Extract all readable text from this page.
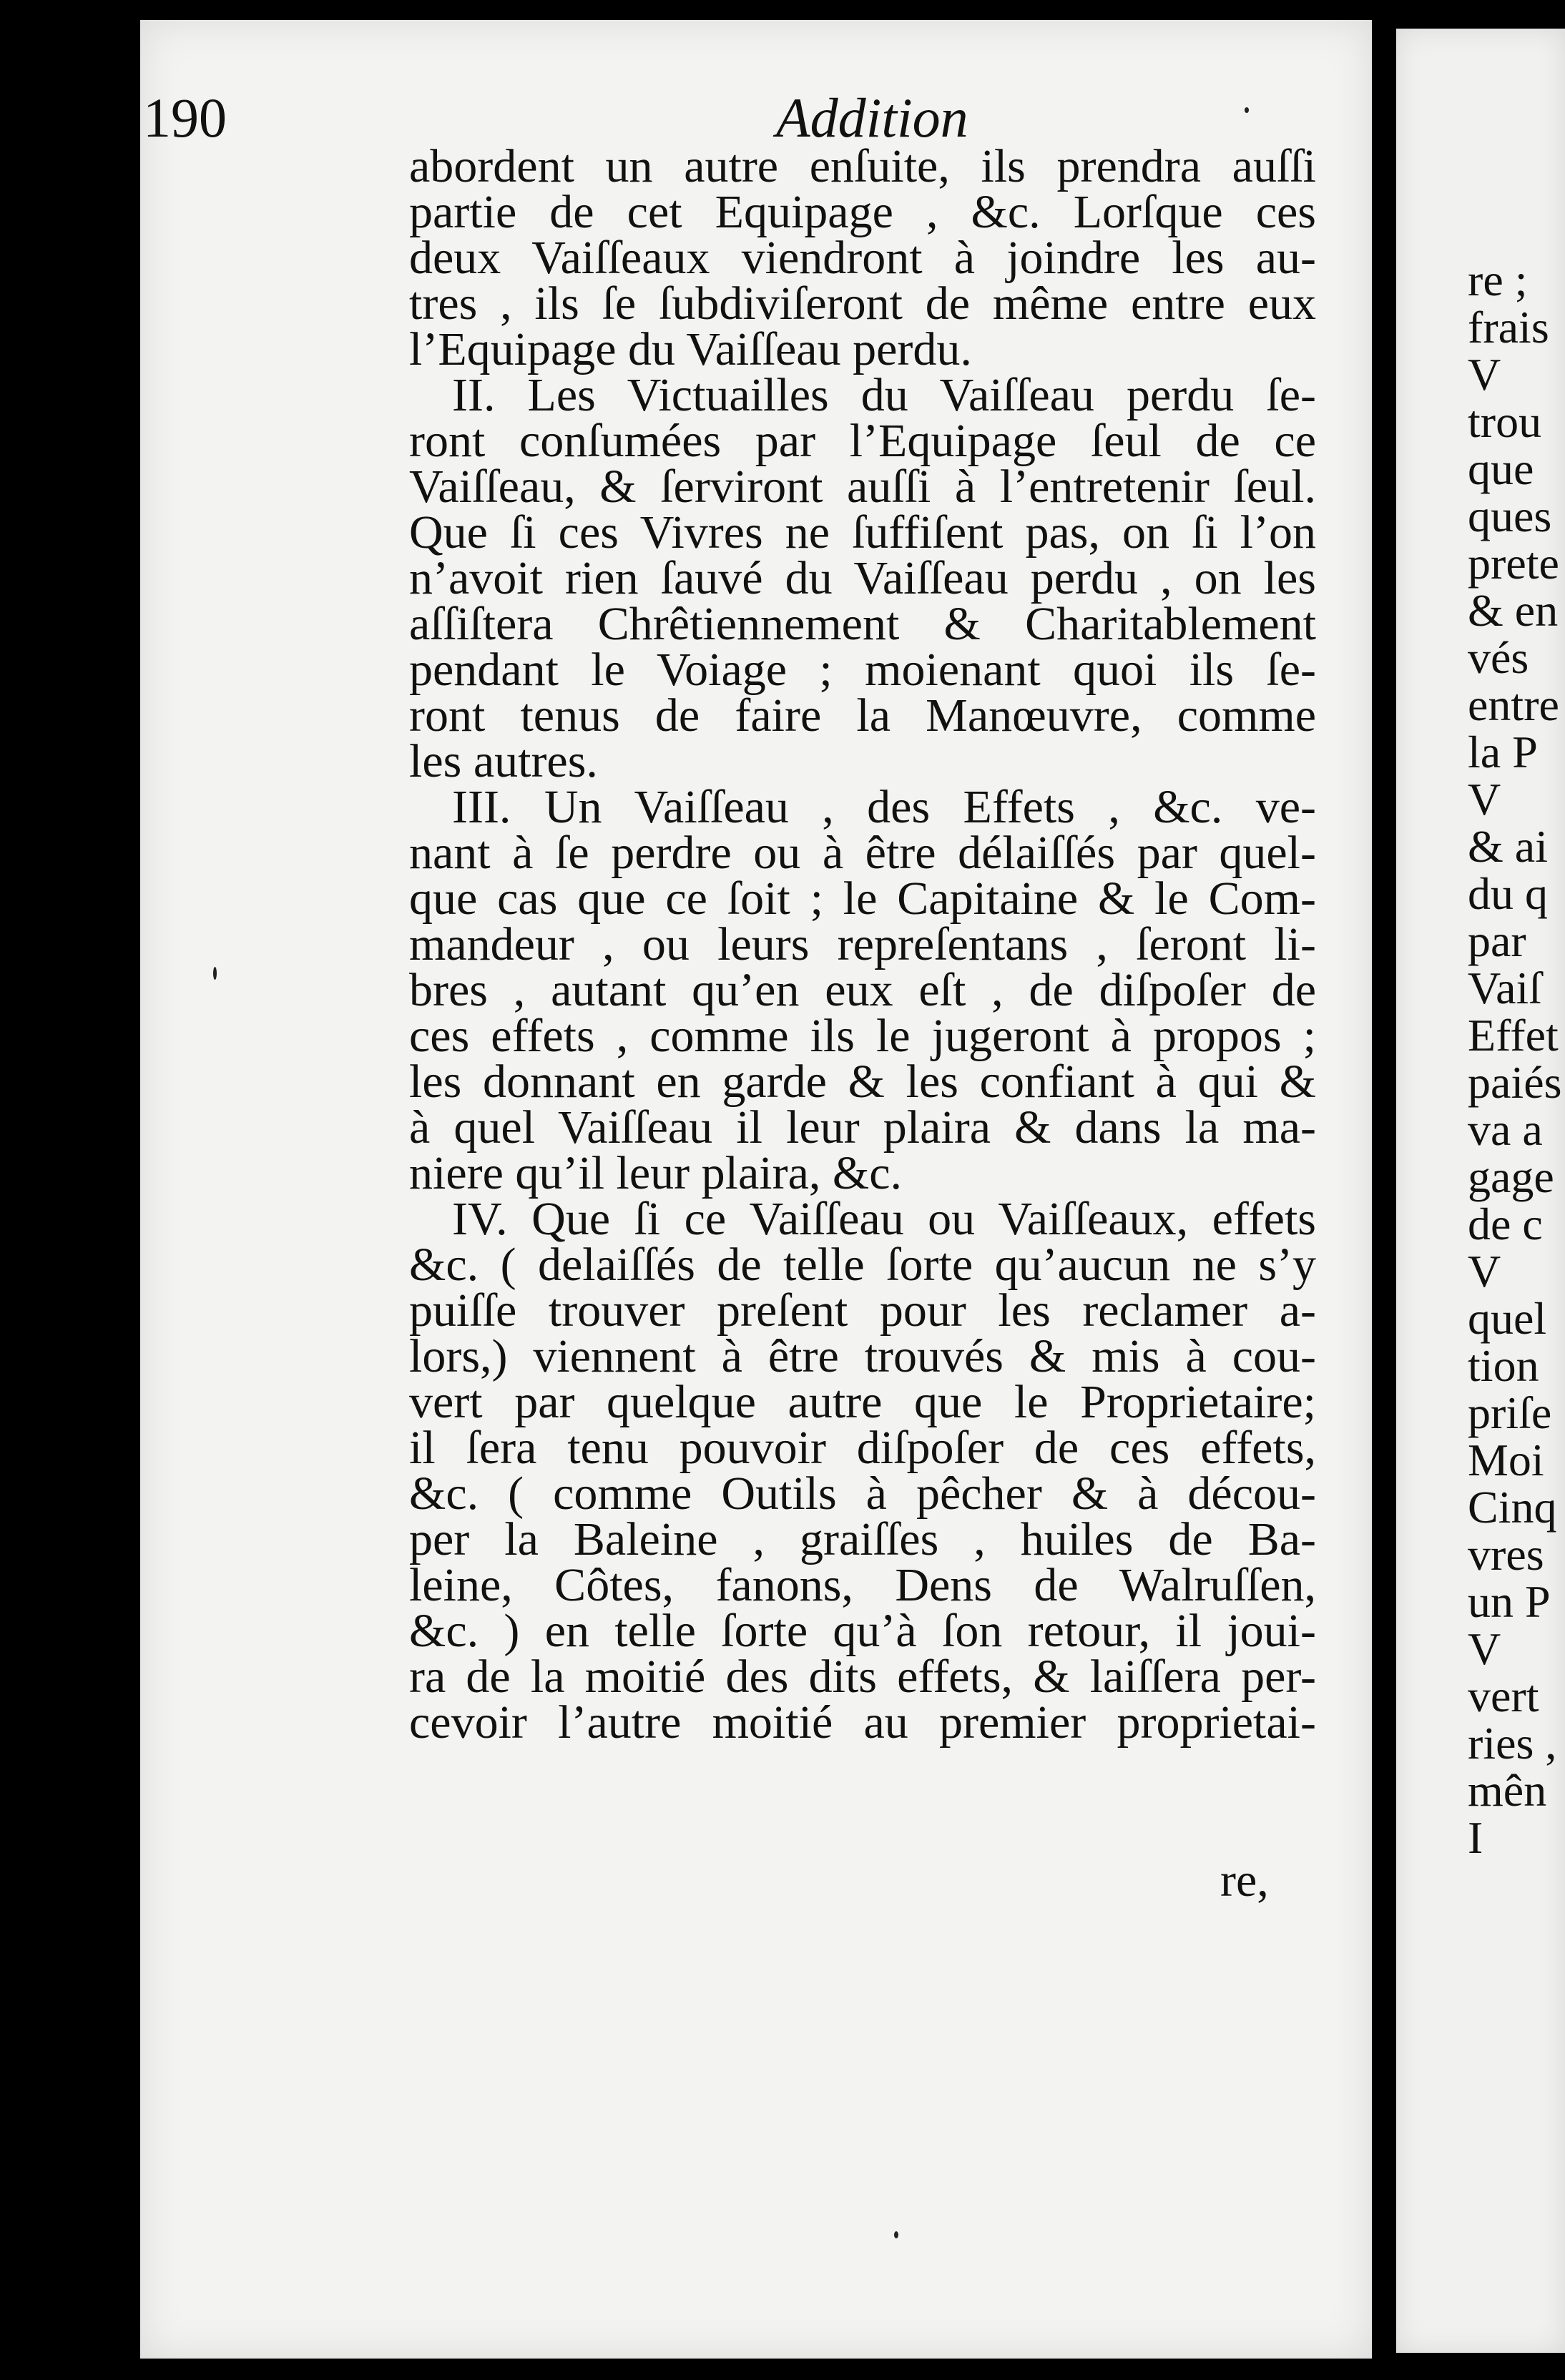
190	Addition
abordent un autre enſuite, ils prendra auſſi
partie de cet Equipage , &c. Lorſque ces
deux Vaiſſeaux viendront à joindre les au-
tres , ils ſe ſubdiviſeront de même entre eux
l’Equipage du Vaiſſeau perdu.
II. Les Victuailles du Vaiſſeau perdu ſe-
ront conſumées par l’Equipage ſeul de ce
Vaiſſeau, & ſerviront auſſi à l’entretenir ſeul.
Que ſi ces Vivres ne ſuffiſent pas, on ſi l’on
n’avoit rien ſauvé du Vaiſſeau perdu , on les
aſſiſtera Chrêtiennement & Charitablement
pendant le Voiage ; moienant quoi ils ſe-
ront tenus de faire la Manœuvre, comme
les autres.
III. Un Vaiſſeau , des Effets , &c. ve-
nant à ſe perdre ou à être délaiſſés par quel-
que cas que ce ſoit ; le Capitaine & le Com-
mandeur , ou leurs repreſentans , ſeront li-
bres , autant qu’en eux eſt , de diſpoſer de
ces effets , comme ils le jugeront à propos ;
les donnant en garde & les confiant à qui &
à quel Vaiſſeau il leur plaira & dans la ma-
niere qu’il leur plaira, &c.
IV. Que ſi ce Vaiſſeau ou Vaiſſeaux, effets
&c. ( delaiſſés de telle ſorte qu’aucun ne s’y
puiſſe trouver preſent pour les reclamer a-
lors,) viennent à être trouvés & mis à cou-
vert par quelque autre que le Proprietaire;
il ſera tenu pouvoir diſpoſer de ces effets,
&c. ( comme Outils à pêcher & à décou-
per la Baleine , graiſſes , huiles de Ba-
leine, Côtes, fanons, Dens de Walruſſen,
&c. ) en telle ſorte qu’à ſon retour, il joui-
ra de la moitié des dits effets, & laiſſera per-
cevoir l’autre moitié au premier proprietai-
re,
re ;
frais
V
trou
que
ques
prete
& en
vés
entre
la P
V
& ai
du q
par
Vaiſ
Effet
paiés
va a
gage
de c
V
quel
tion
priſe
Moi
Cinq
vres
un P
V
vert
ries ,
mên
I
